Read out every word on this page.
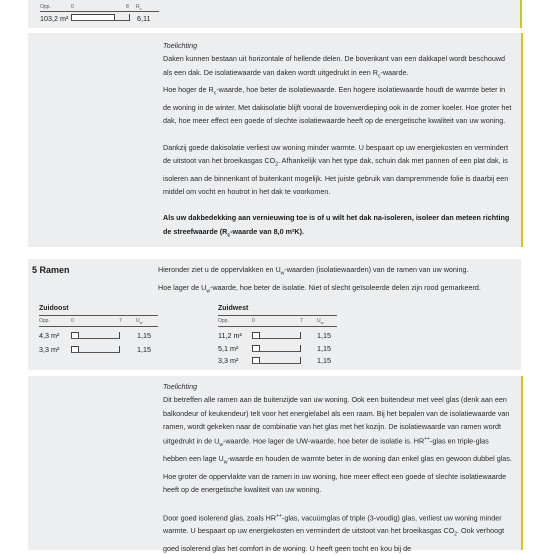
Opp.	0	8 $R_c$
103,2 m²	6,11
Toelichting
Daken kunnen bestaan uit horizontale of hellende delen. De bovenkant van een dakkapel wordt beschouwd als een dak. De isolatiewaarde van daken wordt uitgedrukt in een $R_c$-waarde.
Hoe hoger de $R_c$-waarde, hoe beter de isolatiewaarde. Een hogere isolatiewaarde houdt de warmte beter in de woning in de winter. Met dakisolatie blijft vooral de bovenverdieping ook in de zomer koeler. Hoe groter het dak, hoe meer effect een goede of slechte isolatiewaarde heeft op de energetische kwaliteit van uw woning.
Dankzij goede dakisolatie verliest uw woning minder warmte. U bespaart op uw energiekosten en vermindert de uitstoot van het broeikasgas $CO_2$. Afhankelijk van het type dak, schuin dak met pannen of een plat dak, is isoleren aan de binnenkant of buitenkant mogelijk. Het juiste gebruik van dampremmende folie is daarbij een middel om vocht en houtrot in het dak te voorkomen.
Als uw dakbedekking aan vernieuwing toe is of u wilt het dak na-isoleren, isoleer dan meteen richting de streefwaarde ($R_c$-waarde van 8,0 m²K).
5 Ramen	Hieronder ziet u de oppervlakken en $U_w$-waarden (isolatiewaarden) van de ramen van uw woning.
Hoe lager de $U_w$-waarde, hoe beter de isolatie. Niet of slecht geïsoleerde delen zijn rood gemarkeerd.
Zuidoost
Opp.	0	7	$U_w$
4,3 m²	1,15
3,3 m²	1,15
Zuidwest
Opp.	0	7	$U_w$
11,2 m²	1,15
5,1 m²	1,15
3,3 m²	1,15
Toelichting
Dit betreffen alle ramen aan de buitenzijde van uw woning. Ook een buitendeur met veel glas (denk aan een balkondeur of keukendeur) telt voor het energielabel als een raam. Bij het bepalen van de isolatiewaarde van ramen, wordt gekeken naar de combinatie van het glas met het kozijn. De isolatiewaarde van ramen wordt uitgedrukt in de $U_w$-waarde. Hoe lager de UW-waarde, hoe beter de isolatie is. HR++-glas en triple-glas hebben een lage $U_w$-waarde en houden de warmte beter in de woning dan enkel glas en gewoon dubbel glas. Hoe groter de oppervlakte van de ramen in uw woning, hoe meer effect een goede of slechte isolatiewaarde heeft op de energetische kwaliteit van uw woning.
Door goed isolerend glas, zoals HR++-glas, vacuümglas of triple (3-voudig) glas, verliest uw woning minder warmte. U bespaart op uw energiekosten en vermindert de uitstoot van het broeikasgas $CO_2$. Ook verhoogt goed isolerend glas het comfort in de woning. U heeft geen tocht en kou bij de
